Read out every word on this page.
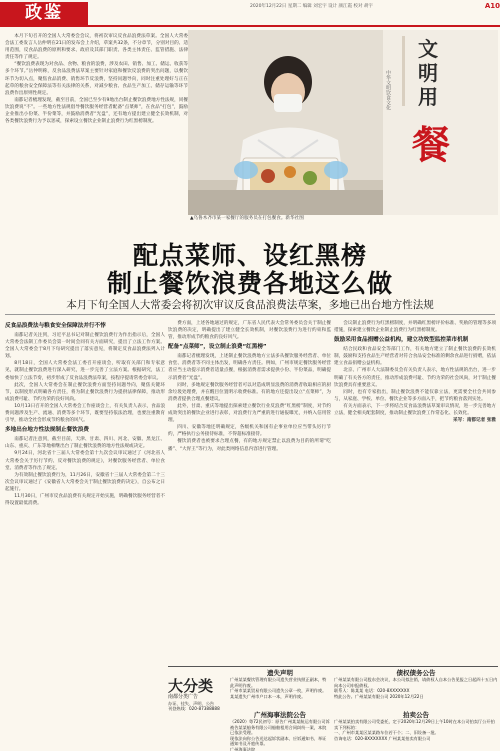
政鉴	2020年12月22日 星期二 编辑 刘宏宇 设计 颜江霞 校对 胡宇	A10

本月下旬召开的全国人大常委会会议，将初次审议反食品浪费法草案。全国人大常委会法工委发言人岳仲明在21日的发布会上介绍，草案共32条，不分章节，分别对目的、适用范围，反食品浪费的原则和要求、政府及其部门职责、各类主体责任、监管措施、法律责任等作了规定。

“餐饮浪费表现为对食品、食物、粮食的浪费，涉及农田、销售、加工、储运、收获等多个环节。”岳仲明称，反食品浪费法草案主要针对家庭和餐饮反浪费的突出问题，以餐饮环节为切入点，聚焦食品消费、销售环节反浪费，坚持问题导向，同时注重处理好与正在起草的粮食安全保障法等有关法律的关系，对减少粮食、食品生产加工、储存运输等环节浪费作出原则性规定。

南都记者梳理发现，截至目前，全国已至少有9地出台制止餐饮浪费地方性法规，同餐饮浪费说“不”。一些地方性法规倡导餐饮服务经营者配备“点菜师”，在食品“打包”，鼓励企业推出小份菜、半份菜等，并鼓励消费者“光盘”，还有地方提出建立健全长效机制，对各类餐饮浪费行为予以惩戒，探索设立餐饮企业制止浪费行为红黑榜制度。

文
明
用
餐
中华文明饮食文化
▲乌鲁木齐市某一家餐厅的服务员在打包餐食。新华社图
配点菜师、设红黑榜
制止餐饮浪费各地这么做
本月下旬全国人大常委会将初次审议反食品浪费法草案，多地已出台地方性法规
反食品浪费法与粮食安全保障法并行不悖

南都记者关注到，习近平总书记对制止餐饮浪费行为作出指示后，全国人大常委会法制工作委员会第一时间会同有关方面研究，提出了立法工作方案。全国人大常委会于8月下旬研究提出了落实意见，将制定反食品浪费法列入计划。

8月18日，全国人大常委会法工委召开座谈会，听取有关部门和专家意见，就制止餐饮浪费进行深入研究，进一步完善了立法方案。根据研究，法工委加快了立法节奏，初步形成了反食品浪费法草案，按程序提请常委会审议。

此次，全国人大常委会在制止餐饮浪费方面坚持问题导向，聚焦关键环节，以制度形式明确各方责任，将为制止餐饮浪费行为提供法律保障，推动形成浪费可耻、节约为荣的良好风尚。

10月13日召开的全国人大常委会工作座谈会上，有关负责人表示，食品浪费问题涉及生产、流通、消费等多个环节，既要坚持依法治理，也要注重教育引导，推动全社会形成节约粮食的风气。

多地出台地方性法规制止餐饮浪费

南都记者注意到，截至目前，天津、甘肃、四川、河北、安徽、黑龙江、山东、重庆、广东等地相继出台了制止餐饮浪费的地方性法规或决定。

9月24日，河北省十三届人大常委会第十九次会议审议通过了《河北省人大常委会关于厉行节约、反对餐饮浪费的规定》，对餐饮服务经营者、单位食堂、消费者等作出了规定。

为有效制止餐饮浪费行为，11月26日，安徽省十三届人大常委会第二十三次会议审议通过了《安徽省人大常委会关于制止餐饮浪费的决定》，自公布之日起施行。

11月30日，广州市反食品浪费有关规定开始实施，明确餐饮服务经营者不得设置最低消费。

费方面，上述各地通过的规定，广东省人民代表大会常务委员会关于制止餐饮浪费的决定，明确提出了建立健全长效机制，对餐饮浪费行为进行约束和监管，推动形成节约粮食的良好风气。

配备“点菜师”，设立制止浪费“红黑榜”

南都记者梳理发现，上述制止餐饮浪费地方立法多从餐饮服务经营者、单位食堂、消费者等不同主体出发，明确各方责任。例如，广州市规定餐饮服务经营者应当主动提示消费者适量点餐，根据消费者需求提供小份、半份菜品，明确提示消费者“光盘”。

同时，多地规定餐饮服务经营者可以对造成明显浪费的消费者收取相应的厨余垃圾处理费，并在醒目位置明示收费标准。有的地方还提出设立“点菜师”，为消费者提供合理点餐建议。

此外，甘肃、重庆等地提出探索建立餐饮行业反浪费“红黑榜”制度，对节约成效突出的餐饮企业进行表彰，对浪费行为严重的进行通报曝光，并纳入信用管理。

四川、安徽等地还明确规定，各级机关和国有企事业单位应当带头厉行节约，严格执行公务接待标准，不得超标准接待。

餐饮消费者也被要求合理点餐，有的地方规定禁止以浪费为目的的所谓“吃播”、“大胃王”等行为，对此类网络信息内容进行管理。

会议制止浪费行为红黑榜制度，并明确红黑榜评价标准、奖励的管理等多项措施，探索建立餐饮企业制止浪费行为红黑榜制度。

鼓励采用食品捐赠公益机构，建立功效型监控菜市机制

结合民政和食品安全等部门工作，有关地方建立了制止餐饮浪费的长效机制，鼓励和支持食品生产经营者对符合食品安全标准的剩余食品进行捐赠，依法建立食品捐赠公益机构。

北京、广州市人大法制委员会有关负责人表示，地方性法规的出台，进一步明确了有关各方的责任，推动形成浪费可耻、节约为荣的社会风尚，对于制止餐饮浪费具有重要意义。

同时，也有专家指出，制止餐饮浪费不能仅靠立法，更需要全社会共同参与，从家庭、学校、单位、餐饮企业等多方面入手，把节约粮食落到实处。

有关方面表示，下一步将结合反食品浪费法草案审议情况，进一步完善地方立法，健全相关配套制度，推动制止餐饮浪费工作常态化、长效化。

采写：南都记者 张雅

大分类
南都分类广告
办证、挂失、声明、公告
刊登热线：020-87388888
遗失声明
广州某某餐饮管理有限公司遗失营业执照正副本，特此声明作废。
广州市某某贸易有限公司遗失公章一枚，声明作废。
某某遗失广州市户口本一本，声明作废。
广州海事法院公告
（2020）粤72民初号：原告广州某某航运有限公司诉被告某某船务有限公司船舶租用合同纠纷一案，本院已依法受理。
现依法向你公告送达起诉状副本、应诉通知书、举证通知书及开庭传票。
广州海事法院
债权债务公告
广州某某有限公司股东会决议，本公司拟注销，请债权人自本公告见报之日起四十五日内向本公司申报债权。
联系人：陈某某 电话：020-8XXXXXXX
特此公告。广州某某有限公司 2020年12月22日
拍卖公告
广州某某拍卖有限公司受委托，定于2020年12月29日上午10时在本公司拍卖厅公开拍卖下列标的：
一、广州市某某区某某路车位若干个；二、旧设备一批。
咨询电话：020-8XXXXXXX 广州某某拍卖有限公司
